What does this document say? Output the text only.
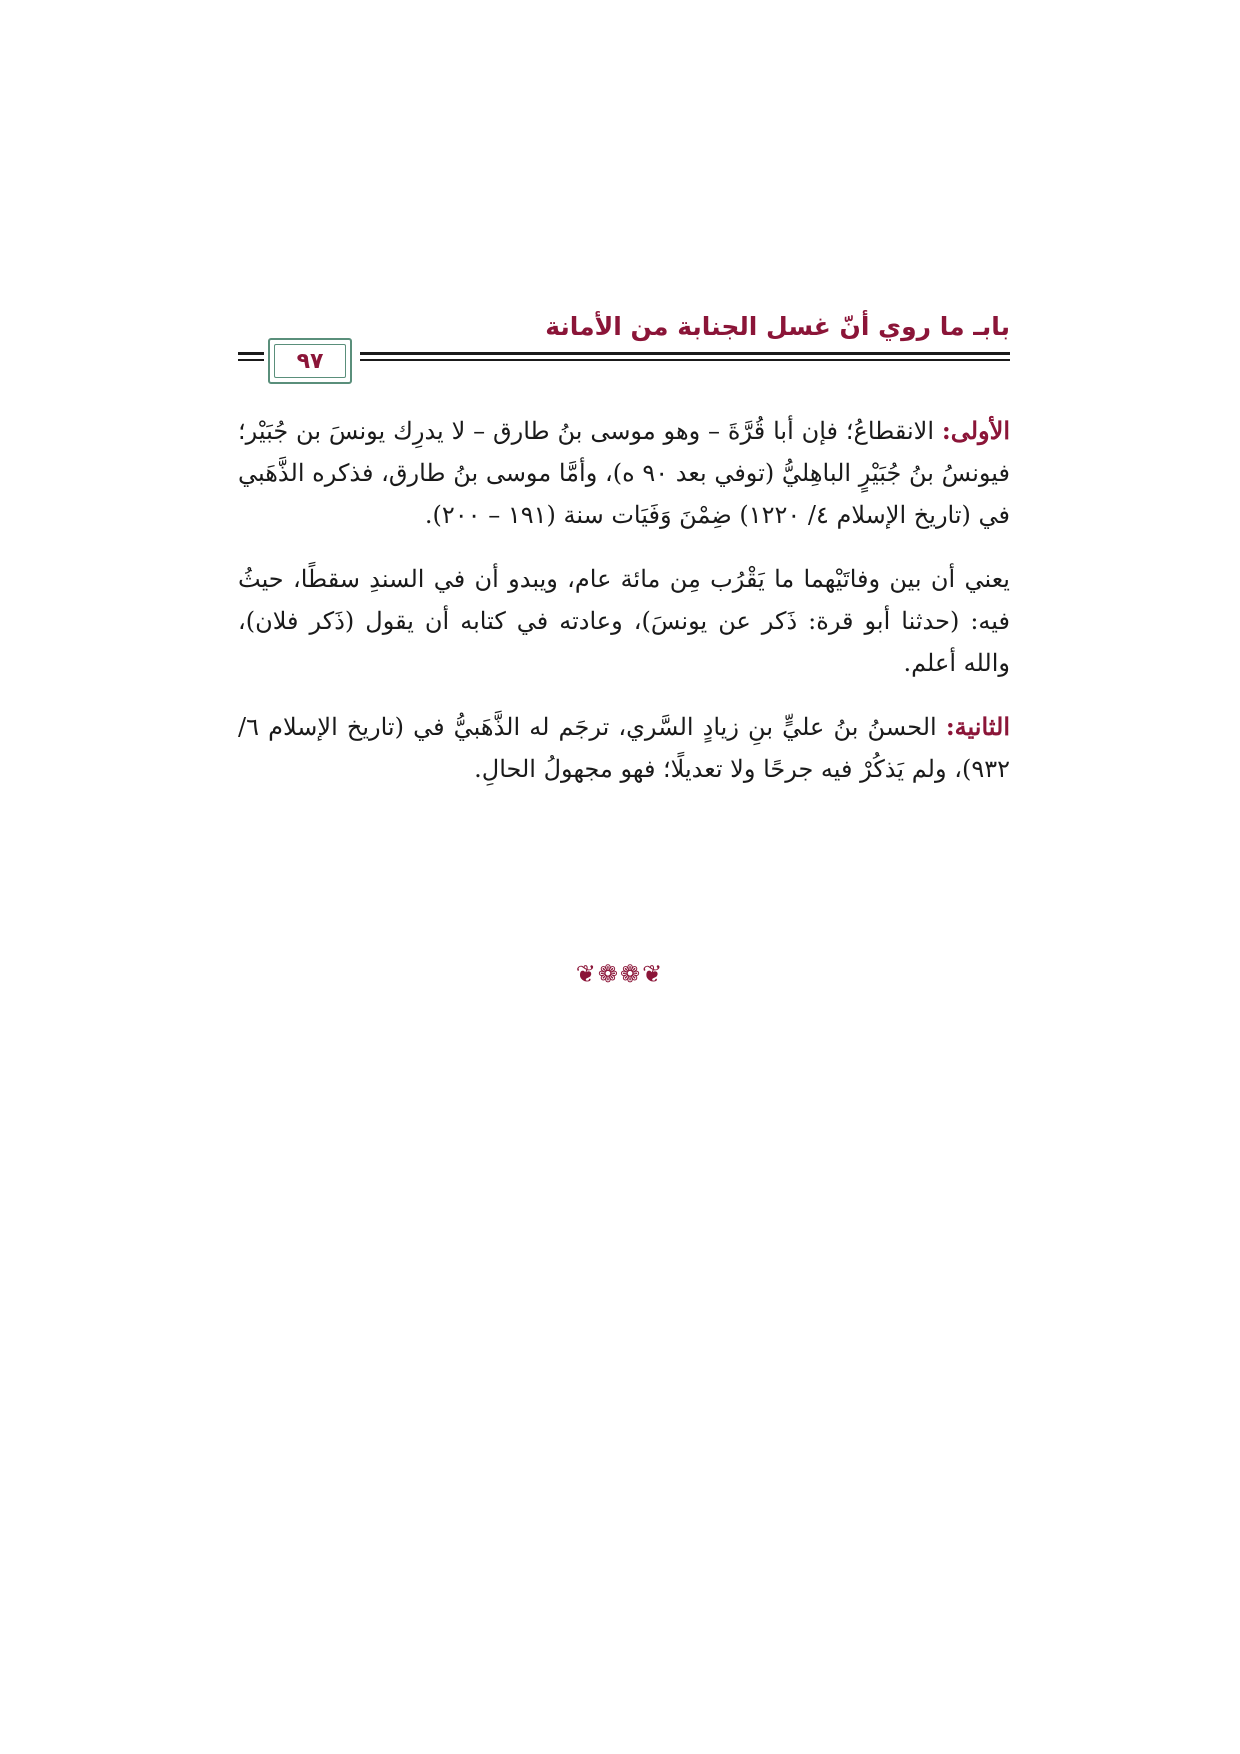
بابـ ما روي أنّ غسل الجنابة من الأمانة
٩٧

الأولى: الانقطاعُ؛ فإن أبا قُرَّةَ – وهو موسى بنُ طارق – لا يدرِك يونسَ بن جُبَيْر؛ فيونسُ بنُ جُبَيْرٍ الباهِليُّ (توفي بعد ٩٠ ه)، وأمَّا موسى بنُ طارق، فذكره الذَّهَبي في (تاريخ الإسلام ٤/ ١٢٢٠) ضِمْنَ وَفَيَات سنة (١٩١ – ٢٠٠).

يعني أن بين وفاتَيْهما ما يَقْرُب مِن مائة عام، ويبدو أن في السندِ سقطًا، حيثُ فيه: (حدثنا أبو قرة: ذَكر عن يونسَ)، وعادته في كتابه أن يقول (ذَكر فلان)، والله أعلم.

الثانية: الحسنُ بنُ عليٍّ بنِ زيادٍ السَّري، ترجَم له الذَّهَبيُّ في (تاريخ الإسلام ٦/ ٩٣٢)، ولم يَذكُرْ فيه جرحًا ولا تعديلًا؛ فهو مجهولُ الحالِ.

❦❁❁❦
